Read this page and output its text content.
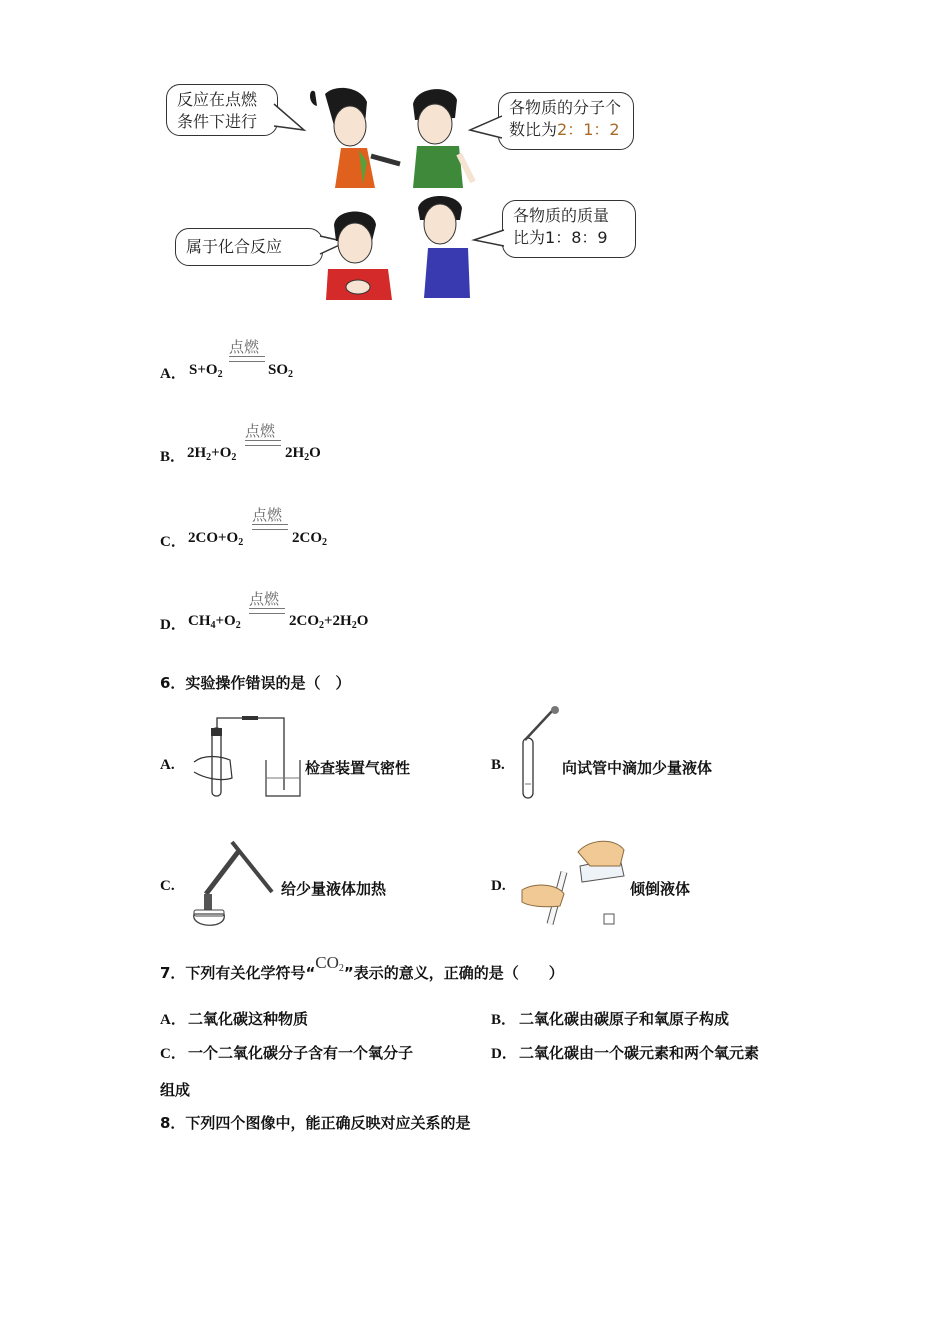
反应在点燃
条件下进行
各物质的分子个
数比为2：1：2
属于化合反应
各物质的质量
比为1：8：9
A． $S+O_2$
点燃
$SO_2$
B． $2H_2+O_2$
点燃
$2H_2O$
C． $2CO+O_2$
点燃
$2CO_2$
D． $CH_4+O_2$
点燃
$2CO_2+2H_2O$
6．实验操作错误的是（　）
A.	检查装置气密性	B.	向试管中滴加少量液体
C.	给少量液体加热	D.	倾倒液体
7．下列有关化学符号“$CO_2$”表示的意义，正确的是（　　）
A． 二氧化碳这种物质	B． 二氧化碳由碳原子和氧原子构成
C． 一个二氧化碳分子含有一个氧分子	D． 二氧化碳由一个碳元素和两个氧元素
组成
8．下列四个图像中，能正确反映对应关系的是
